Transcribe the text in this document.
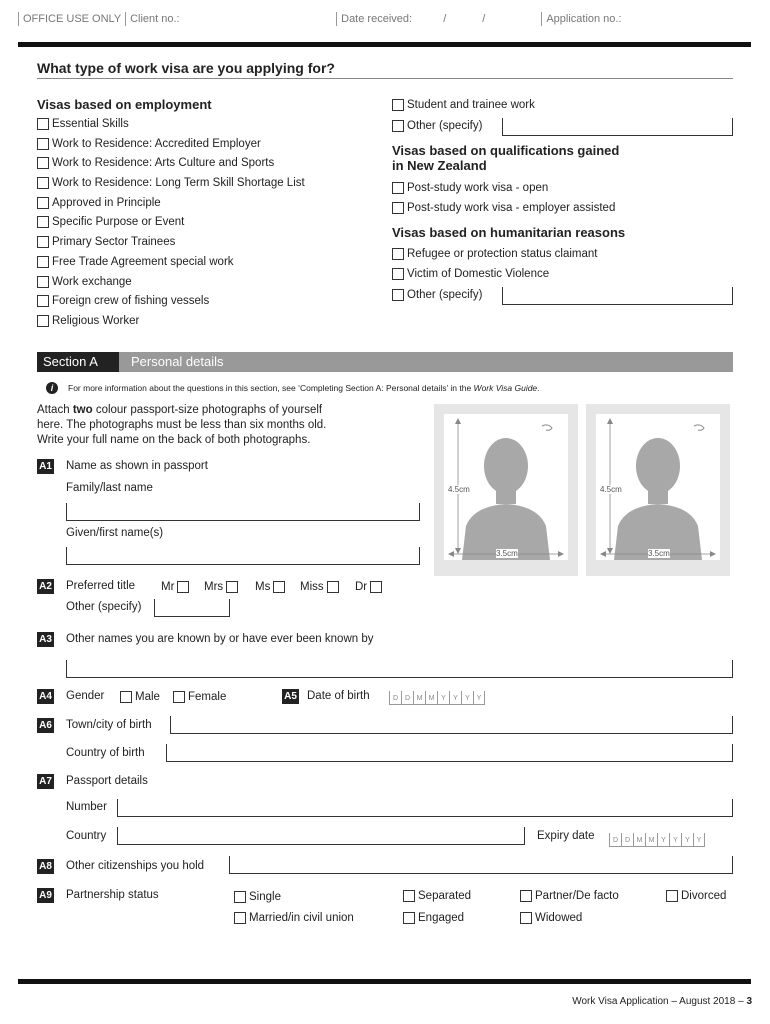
OFFICE USE ONLY Client no.:	Date received:	/	/	Application no.:
What type of work visa are you applying for?
Visas based on employment
Essential Skills
Work to Residence: Accredited Employer
Work to Residence: Arts Culture and Sports
Work to Residence: Long Term Skill Shortage List
Approved in Principle
Specific Purpose or Event
Primary Sector Trainees
Free Trade Agreement special work
Work exchange
Foreign crew of fishing vessels
Religious Worker
Student and trainee work
Other (specify)
Visas based on qualifications gained
in New Zealand
Post-study work visa - open
Post-study work visa - employer assisted
Visas based on humanitarian reasons
Refugee or protection status claimant
Victim of Domestic Violence
Other (specify)
Section A	Personal details
i	For more information about the questions in this section, see ‘Completing Section A: Personal details’ in the Work Visa Guide.
Attach two colour passport-size photographs of yourself
here. The photographs must be less than six months old.
Write your full name on the back of both photographs.
4.5cm
3.5cm
4.5cm
3.5cm
A1 Name as shown in passport
Family/last name
Given/first name(s)
A2 Preferred title Mr	Mrs	Ms	Miss	Dr
Other (specify)
A3 Other names you are known by or have ever been known by
A4 Gender	Male Female	A5 Date of birth	D D M M Y	Y	Y Y
A6 Town/city of birth
Country of birth
A7 Passport details
Number
Country	Expiry date	D D M M Y	Y	Y Y
A8 Other citizenships you hold
A9 Partnership status	Single	Separated	Partner/De facto	Divorced
Married/in civil union	Engaged	Widowed
Work Visa Application – August 2018 – 3
